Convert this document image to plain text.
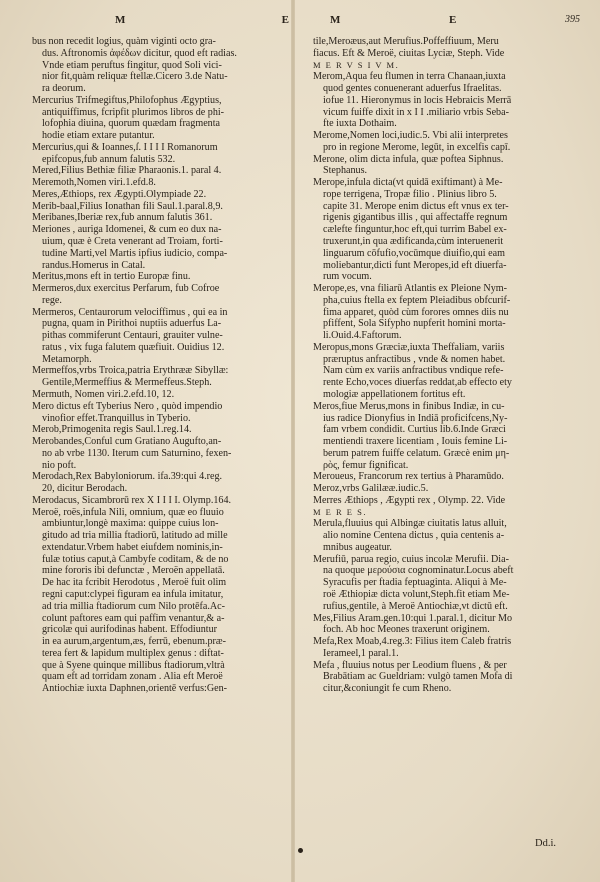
M	E	M	E	395
bus non recedit logius, quàm viginti octo gra-
dus. Aftronomis ἀφέδων dicitur, quod eft radias.
Vnde etiam peruftus fingitur, quod Soli vici-
nior fit,quàm reliquæ ftellæ.Cicero 3.de Natu-
ra deorum.
Mercurius Trifmegiftus,Philofophus Ægyptius,
antiquiffimus, fcripfit plurimos libros de phi-
lofophia diuina, quorum quædam fragmenta
hodie etiam extare putantur.
Mercurius,qui & Ioannes,ſ. I I I I Romanorum
epifcopus,fub annum falutis 532.
Mered,Filius Bethiæ filiæ Pharaonis.1. paral 4.
Meremoth,Nomen viri.1.efd.8.
Meres,Æthiops, rex Ægypti.Olympiade 22.
Merib-baal,Filius Ionathan fili Saul.1.paral.8,9.
Meribanes,Iberiæ rex,fub annum falutis 361.
Meriones , auriga Idomenei, & cum eo dux na-
uium, quæ è Creta venerant ad Troiam, forti-
tudine Marti,vel Martis ipfius iudicio, compa-
randus.Homerus in Catal.
Meritus,mons eft in tertio Europæ finu.
Mermeros,dux exercitus Perfarum, fub Cofroe
rege.
Mermeros, Centaurorum velociffimus , qui ea in
pugna, quam in Pirithoi nuptiis aduerfus La-
pithas commiferunt Centauri, grauiter vulne-
ratus , vix fuga falutem quæfiuit. Ouidius 12.
Metamorph.
Mermeffos,vrbs Troica,patria Erythrææ Sibyllæ:
Gentile,Mermeffius & Mermeffeus.Steph.
Mermuth, Nomen viri.2.efd.10, 12.
Mero dictus eft Tyberius Nero , quòd impendio
vinofior effet.Tranquillus in Tyberio.
Merob,Primogenita regis Saul.1.reg.14.
Merobandes,Conful cum Gratiano Augufto,an-
no ab vrbe 1130. Iterum cum Saturnino, fexen-
nio poft.
Merodach,Rex Babyloniorum. ifa.39:qui 4.reg.
20, dicitur Berodach.
Merodacus, Sicambrorū rex X I I I I. Olymp.164.
Meroë, roës,infula Nili, omnium, quæ eo fluuio
ambiuntur,longè maxima: quippe cuius lon-
gitudo ad tria millia ftadiorū, latitudo ad mille
extendatur.Vrbem habet eiufdem nominis,in-
fulæ totius caput,à Cambyfe coditam, & de no
mine fororis ibi defunctæ , Meroën appellatā.
De hac ita fcribit Herodotus , Meroë fuit olim
regni caput:clypei figuram ea infula imitatur,
ad tria millia ftadiorum cum Nilo protēfa.Ac-
colunt paftores eam qui paffim venantur,& a-
gricolæ qui aurifodinas habent. Effodiuntur
in ea aurum,argentum,æs, ferrū, ebenum.præ-
terea fert & lapidum multiplex genus : diftat-
que à Syene quinque millibus ftadiorum,vltrà
quam eft ad torridam zonam . Alia eft Meroë
Antiochiæ iuxta Daphnen,orientē verfus:Gen-
tile,Meroæus,aut Merufius.Poffeffiuum, Meru
fiacus. Eft & Meroë, ciuitas Lyciæ, Steph. Vide
M E R V S I V M.
Merom,Aqua feu flumen in terra Chanaan,iuxta
quod gentes conuenerant aduerfus Ifraelitas.
iofue 11. Hieronymus in locis Hebraicis Merrā
vicum fuiffe dixit in x I I .miliario vrbis Seba-
fte iuxta Dothaim.
Merome,Nomen loci,iudic.5. Vbi alii interpretes
pro in regione Merome, legūt, in excelfis capī.
Merone, olim dicta infula, quæ poftea Siphnus.
Stephanus.
Merope,infula dicta(vt quidā exiftimant) à Me-
rope terrigena, Tropæ filio . Plinius libro 5.
capite 31. Merope enim dictus eft vnus ex ter-
rigenis gigantibus illis , qui affectaffe regnum
cælefte finguntur,hoc eft,qui turrim Babel ex-
truxerunt,in qua ædificanda,cùm interuenerit
linguarum cōfufio,vocūmque diuifio,qui eam
moliebantur,dicti funt Meropes,id eft diuerfa-
rum vocum.
Merope,es, vna filiarū Atlantis ex Pleione Nym-
pha,cuius ftella ex feptem Pleiadibus obfcurif-
fima apparet, quòd cùm forores omnes diis nu
pfiffent, Sola Sifypho nupferit homini morta-
li.Ouid.4.Faftorum.
Meropus,mons Græciæ,iuxta Theffaliam, variis
præruptus anfractibus , vnde & nomen habet.
Nam cùm ex variis anfractibus vndique refe-
rente Echo,voces diuerfas reddat,ab effecto ety
mologiæ appellationem fortitus eft.
Meros,fiue Merus,mons in finibus Indiæ, in cu-
ius radice Dionyfius in Indiā proficifcens,Ny-
fam vrbem condidit. Curtius lib.6.Inde Græci
mentiendi traxere licentiam , Iouis femine Li-
berum patrem fuiffe celatum. Græcè enim μη-
ρὸς, femur fignificat.
Meroueus, Francorum rex tertius à Pharamūdo.
Meroz,vrbs Galilææ.iudic.5.
Merres Æthiops , Ægypti rex , Olymp. 22. Vide
M E R E S.
Merula,fluuius qui Albingæ ciuitatis latus alluit,
alio nomine Centena dictus , quia centenis a-
mnibus augeatur.
Merufiū, parua regio, cuius incolæ Merufii. Dia-
na quoque μερούσια cognominatur.Locus abeft
Syracufis per ftadia feptuaginta. Aliqui à Me-
roë Æthiopiæ dicta volunt,Steph.fit etiam Me-
rufius,gentile, à Meroë Antiochiæ,vt dictū eft.
Mes,Filius Aram.gen.10:qui 1.paral.1, dicitur Mo
foch. Ab hoc Meones traxerunt originem.
Mefa,Rex Moab,4.reg.3: Filius item Caleb fratris
Ierameel,1 paral.1.
Mefa , fluuius notus per Leodium fluens , & per
Brabātiam ac Gueldriam: vulgò tamen Mofa di
citur,&coniungit fe cum Rheno.
Dd.i.
